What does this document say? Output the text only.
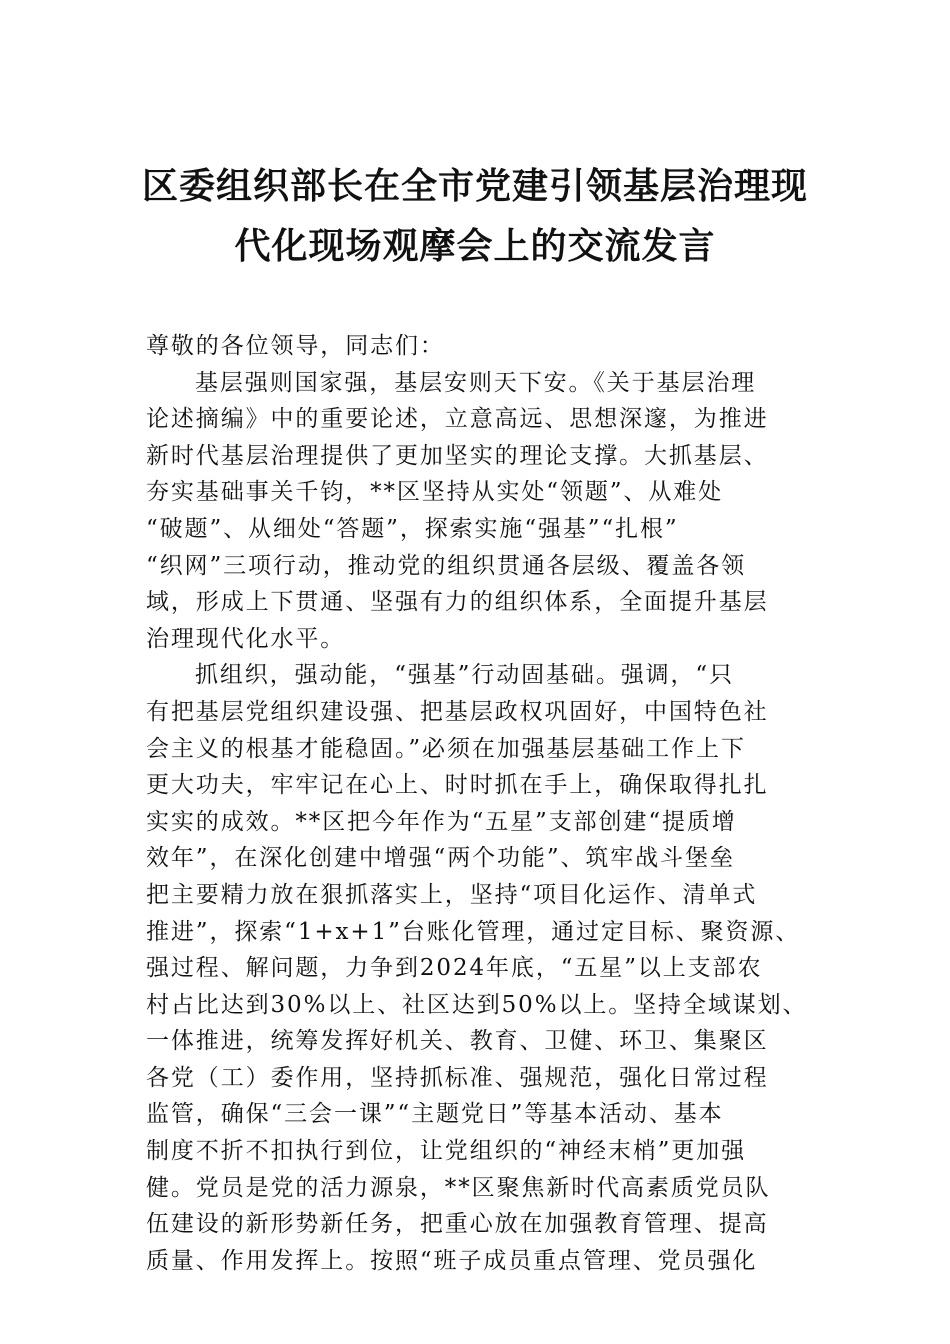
区委组织部长在全市党建引领基层治理现
代化现场观摩会上的交流发言
尊敬的各位领导，同志们：
基层强则国家强，基层安则天下安。《关于基层治理
论述摘编》中的重要论述，立意高远、思想深邃，为推进
新时代基层治理提供了更加坚实的理论支撑。大抓基层、
夯实基础事关千钧，**区坚持从实处“领题”、从难处
“破题”、从细处“答题”，探索实施“强基”“扎根”
“织网”三项行动，推动党的组织贯通各层级、覆盖各领
域，形成上下贯通、坚强有力的组织体系，全面提升基层
治理现代化水平。
抓组织，强动能，“强基”行动固基础。强调，“只
有把基层党组织建设强、把基层政权巩固好，中国特色社
会主义的根基才能稳固。”必须在加强基层基础工作上下
更大功夫，牢牢记在心上、时时抓在手上，确保取得扎扎
实实的成效。**区把今年作为“五星”支部创建“提质增
效年”，在深化创建中增强“两个功能”、筑牢战斗堡垒
把主要精力放在狠抓落实上，坚持“项目化运作、清单式
推进”，探索“1+x+1”台账化管理，通过定目标、聚资源、
强过程、解问题，力争到2024年底，“五星”以上支部农
村占比达到30%以上、社区达到50%以上。坚持全域谋划、
一体推进，统筹发挥好机关、教育、卫健、环卫、集聚区
各党（工）委作用，坚持抓标准、强规范，强化日常过程
监管，确保“三会一课”“主题党日”等基本活动、基本
制度不折不扣执行到位，让党组织的“神经末梢”更加强
健。党员是党的活力源泉，**区聚焦新时代高素质党员队
伍建设的新形势新任务，把重心放在加强教育管理、提高
质量、作用发挥上。按照“班子成员重点管理、党员强化
